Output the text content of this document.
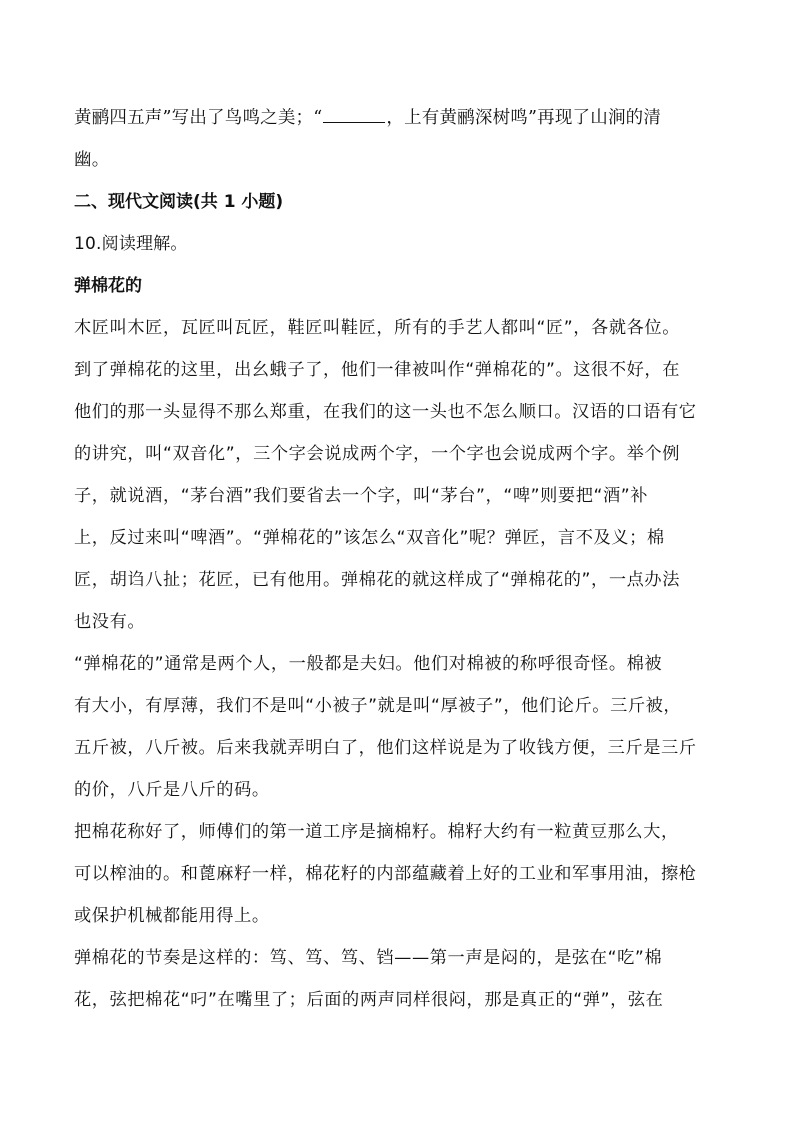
黄鹂四五声”写出了鸟鸣之美；“	，上有黄鹂深树鸣”再现了山涧的清
幽。
二、现代文阅读(共 1 小题)
10.阅读理解。
弹棉花的
木匠叫木匠，瓦匠叫瓦匠，鞋匠叫鞋匠，所有的手艺人都叫“匠”，各就各位。
到了弹棉花的这里，出幺蛾子了，他们一律被叫作“弹棉花的”。这很不好，在
他们的那一头显得不那么郑重，在我们的这一头也不怎么顺口。汉语的口语有它
的讲究，叫“双音化”，三个字会说成两个字，一个字也会说成两个字。举个例
子，就说酒，“茅台酒”我们要省去一个字，叫“茅台”，“啤”则要把“酒”补
上，反过来叫“啤酒”。“弹棉花的”该怎么“双音化”呢？弹匠，言不及义；棉
匠，胡诌八扯；花匠，已有他用。弹棉花的就这样成了“弹棉花的”，一点办法
也没有。
“弹棉花的”通常是两个人，一般都是夫妇。他们对棉被的称呼很奇怪。棉被
有大小，有厚薄，我们不是叫“小被子”就是叫“厚被子”，他们论斤。三斤被，
五斤被，八斤被。后来我就弄明白了，他们这样说是为了收钱方便，三斤是三斤
的价，八斤是八斤的码。
把棉花称好了，师傅们的第一道工序是摘棉籽。棉籽大约有一粒黄豆那么大，
可以榨油的。和蓖麻籽一样，棉花籽的内部蕴藏着上好的工业和军事用油，擦枪
或保护机械都能用得上。
弹棉花的节奏是这样的：笃、笃、笃、铛——第一声是闷的，是弦在“吃”棉
花，弦把棉花“叼”在嘴里了；后面的两声同样很闷，那是真正的“弹”，弦在
